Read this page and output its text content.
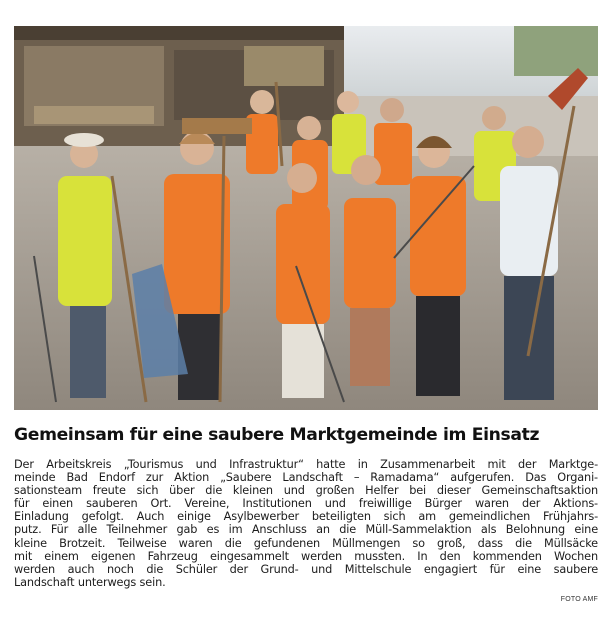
Gemeinsam für eine saubere Marktgemeinde im Einsatz
Der Arbeitskreis „Tourismus und Infrastruktur“ hatte in Zusammenarbeit mit der Marktge-
meinde Bad Endorf zur Aktion „Saubere Landschaft – Ramadama“ aufgerufen. Das Organi-
sationsteam freute sich über die kleinen und großen Helfer bei dieser Gemeinschaftsaktion
für einen sauberen Ort. Vereine, Institutionen und freiwillige Bürger waren der Aktions-
Einladung gefolgt. Auch einige Asylbewerber beteiligten sich am gemeindlichen Frühjahrs-
putz. Für alle Teilnehmer gab es im Anschluss an die Müll-Sammelaktion als Belohnung eine
kleine Brotzeit. Teilweise waren die gefundenen Müllmengen so groß, dass die Müllsäcke
mit einem eigenen Fahrzeug eingesammelt werden mussten. In den kommenden Wochen
werden auch noch die Schüler der Grund- und Mittelschule engagiert für eine saubere
Landschaft unterwegs sein.
FOTO AMF
